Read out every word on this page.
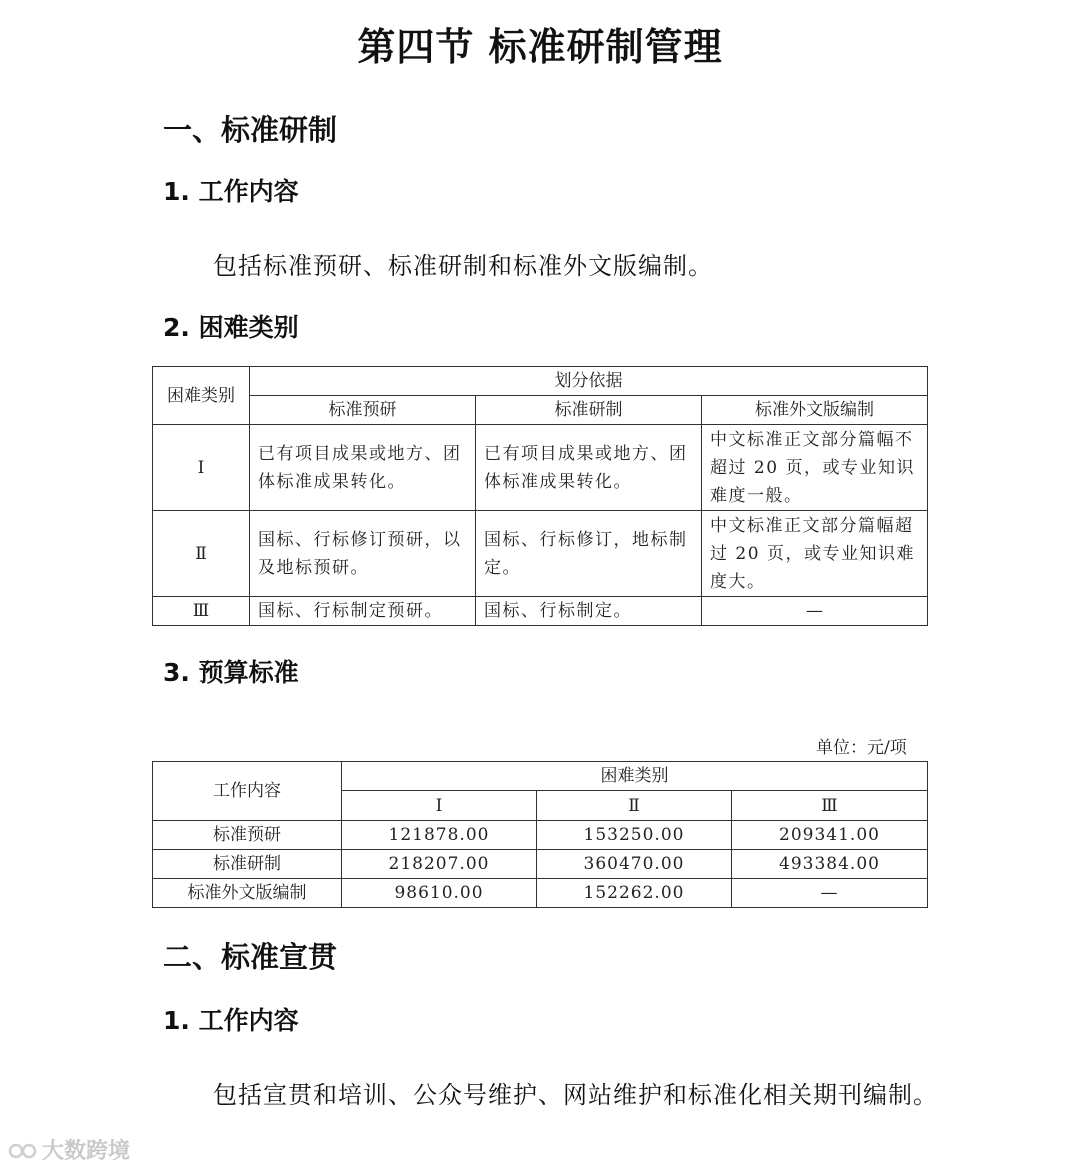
第四节 标准研制管理
一、标准研制
1. 工作内容
包括标准预研、标准研制和标准外文版编制。
2. 困难类别
困难类别	划分依据		
	标准预研	标准研制	标准外文版编制
Ⅰ	已有项目成果或地方、团体标准成果转化。	已有项目成果或地方、团体标准成果转化。	中文标准正文部分篇幅不超过 20 页，或专业知识难度一般。
Ⅱ	国标、行标修订预研，以及地标预研。	国标、行标修订，地标制定。	中文标准正文部分篇幅超过 20 页，或专业知识难度大。
Ⅲ	国标、行标制定预研。	国标、行标制定。	—
3. 预算标准
单位：元/项
工作内容	困难类别		
	Ⅰ	Ⅱ	Ⅲ
标准预研	121878.00	153250.00	209341.00
标准研制	218207.00	360470.00	493384.00
标准外文版编制	98610.00	152262.00	—
二、标准宣贯
1. 工作内容
包括宣贯和培训、公众号维护、网站维护和标准化相关期刊编制。
大数跨境
